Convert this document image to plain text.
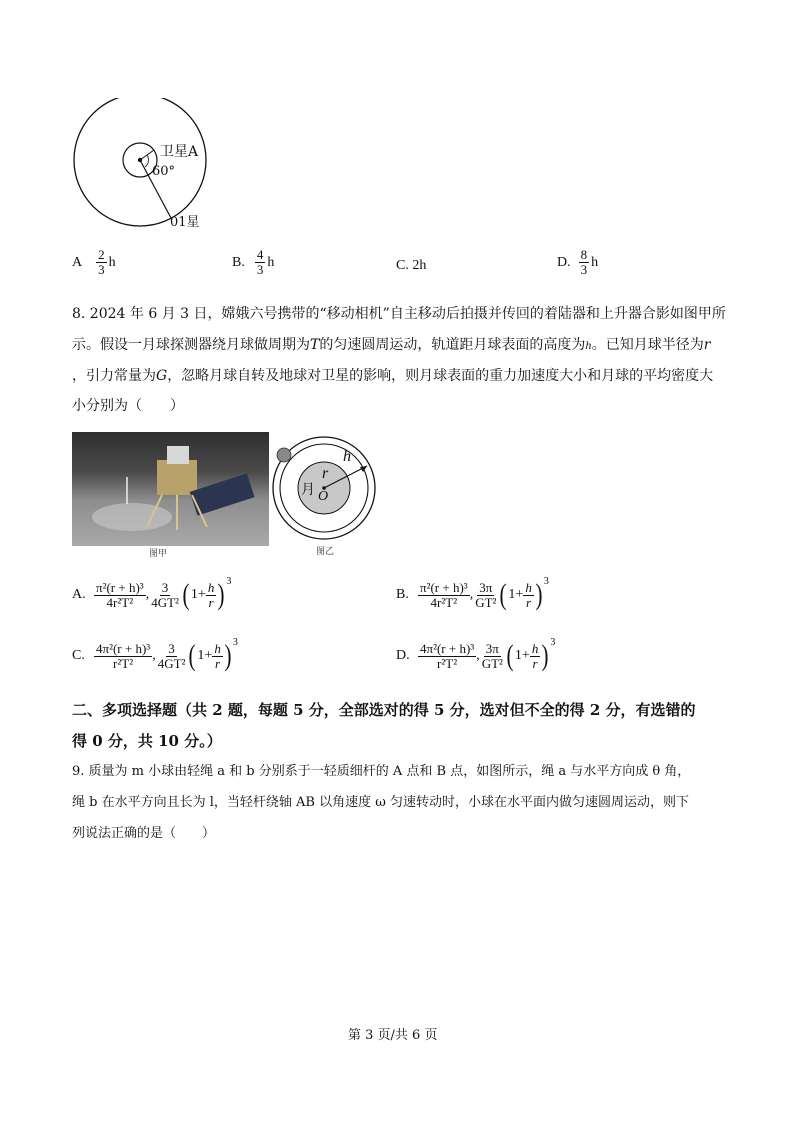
卫星A
60°
01星
A $\frac{2}{3}$ h	B. $\frac{4}{3}$ h	C. 2h	D. $\frac{8}{3}$ h
8. 2024 年 6 月 3 日，嫦娥六号携带的“移动相机”自主移动后拍摄并传回的着陆器和上升器合影如图甲所
示。假设一月球探测器绕月球做周期为T的匀速圆周运动，轨道距月球表面的高度为h。已知月球半径为r
，引力常量为G，忽略月球自转及地球对卫星的影响，则月球表面的重力加速度大小和月球的平均密度大
小分别为（　　）
图甲
h
r
月 O
图乙
A. $\frac{\text{π²(r + h)³}}{\text{4r²T²}}$ , $\frac{3}{\text{4GT²}}$ ( $1+ \frac{h}{r}$ ) 3
B. $\frac{\text{π²(r + h)³}}{\text{4r²T²}}$ , $\frac{3\pi}{\text{GT²}}$ ( $1+ \frac{h}{r}$ ) 3
C. $\frac{\text{4π²(r + h)³}}{\text{r²T²}}$ , $\frac{3}{\text{4GT²}}$ ( $1+ \frac{h}{r}$ ) 3
D. $\frac{\text{4π²(r + h)³}}{\text{r²T²}}$ , $\frac{3\pi}{\text{GT²}}$ ( $1+ \frac{h}{r}$ ) 3
二、多项选择题（共 2 题，每题 5 分，全部选对的得 5 分，选对但不全的得 2 分，有选错的
得 0 分，共 10 分。）
9. 质量为 m 小球由轻绳 a 和 b 分别系于一轻质细杆的 A 点和 B 点，如图所示，绳 a 与水平方向成 θ 角，
绳 b 在水平方向且长为 l，当轻杆绕轴 AB 以角速度 ω 匀速转动时，小球在水平面内做匀速圆周运动，则下
列说法正确的是（　　）
第 3 页/共 6 页
